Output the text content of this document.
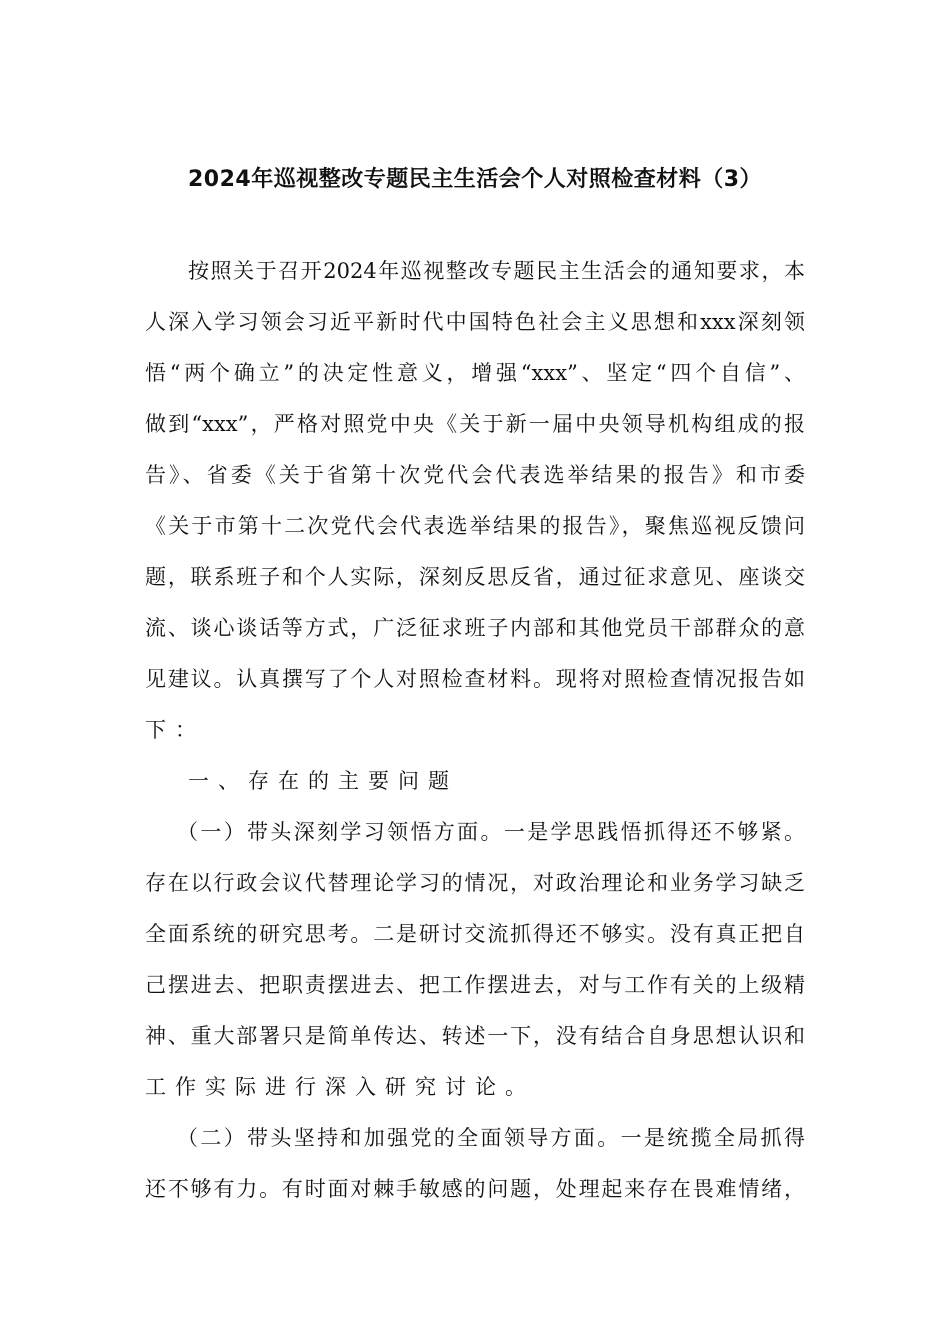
2024年巡视整改专题民主生活会个人对照检查材料（3）
按照关于召开2024年巡视整改专题民主生活会的通知要求，本
人深入学习领会习近平新时代中国特色社会主义思想和xxx深刻领
悟“两个确立”的决定性意义，增强“xxx”、坚定“四个自信”、
做到“xxx”，严格对照党中央《关于新一届中央领导机构组成的报
告》、省委《关于省第十次党代会代表选举结果的报告》和市委
《关于市第十二次党代会代表选举结果的报告》，聚焦巡视反馈问
题，联系班子和个人实际，深刻反思反省，通过征求意见、座谈交
流、谈心谈话等方式，广泛征求班子内部和其他党员干部群众的意
见建议。认真撰写了个人对照检查材料。现将对照检查情况报告如
下：
一、存在的主要问题
（一）带头深刻学习领悟方面。一是学思践悟抓得还不够紧。
存在以行政会议代替理论学习的情况，对政治理论和业务学习缺乏
全面系统的研究思考。二是研讨交流抓得还不够实。没有真正把自
己摆进去、把职责摆进去、把工作摆进去，对与工作有关的上级精
神、重大部署只是简单传达、转述一下，没有结合自身思想认识和
工作实际进行深入研究讨论。
（二）带头坚持和加强党的全面领导方面。一是统揽全局抓得
还不够有力。有时面对棘手敏感的问题，处理起来存在畏难情绪，
